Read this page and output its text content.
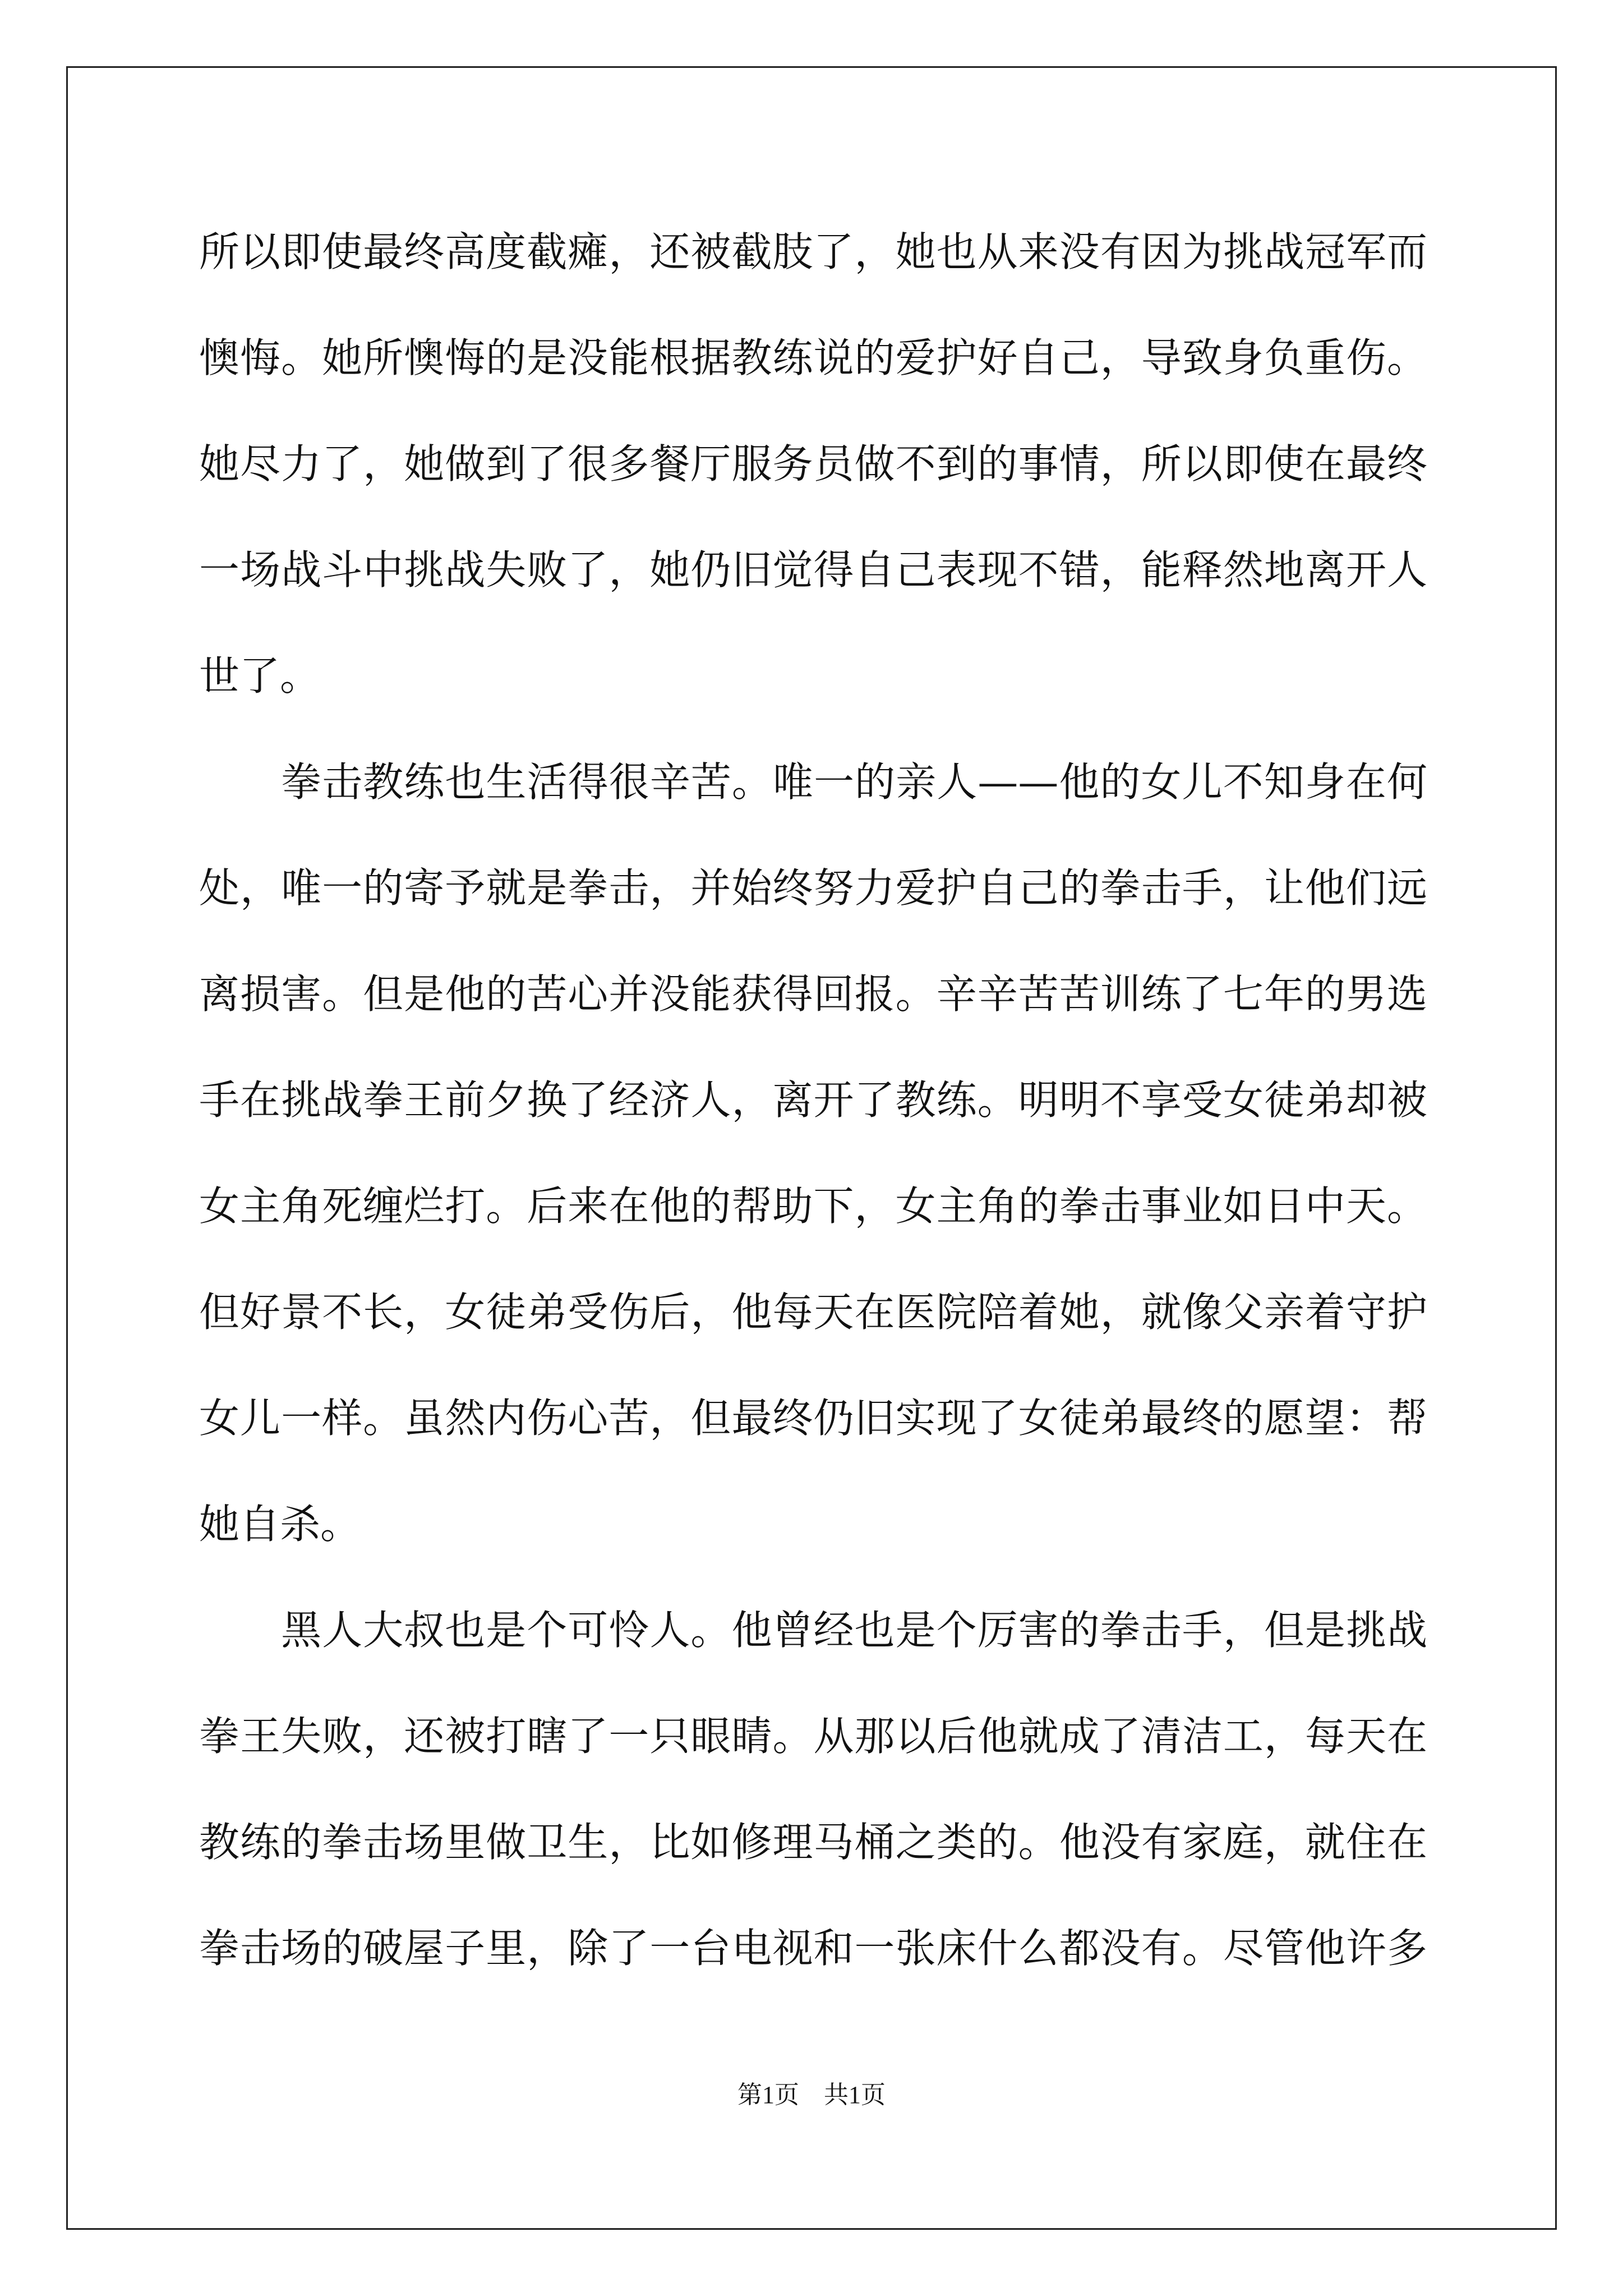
所以即使最终高度截瘫，还被截肢了，她也从来没有因为挑战冠军而
懊悔。她所懊悔的是没能根据教练说的爱护好自己，导致身负重伤。
她尽力了，她做到了很多餐厅服务员做不到的事情，所以即使在最终
一场战斗中挑战失败了，她仍旧觉得自己表现不错，能释然地离开人
世了。
　　拳击教练也生活得很辛苦。唯一的亲人——他的女儿不知身在何
处，唯一的寄予就是拳击，并始终努力爱护自己的拳击手，让他们远
离损害。但是他的苦心并没能获得回报。辛辛苦苦训练了七年的男选
手在挑战拳王前夕换了经济人，离开了教练。明明不享受女徒弟却被
女主角死缠烂打。后来在他的帮助下，女主角的拳击事业如日中天。
但好景不长，女徒弟受伤后，他每天在医院陪着她，就像父亲着守护
女儿一样。虽然内伤心苦，但最终仍旧实现了女徒弟最终的愿望：帮
她自杀。
　　黑人大叔也是个可怜人。他曾经也是个厉害的拳击手，但是挑战
拳王失败，还被打瞎了一只眼睛。从那以后他就成了清洁工，每天在
教练的拳击场里做卫生，比如修理马桶之类的。他没有家庭，就住在
拳击场的破屋子里，除了一台电视和一张床什么都没有。尽管他许多
第1页　共1页
